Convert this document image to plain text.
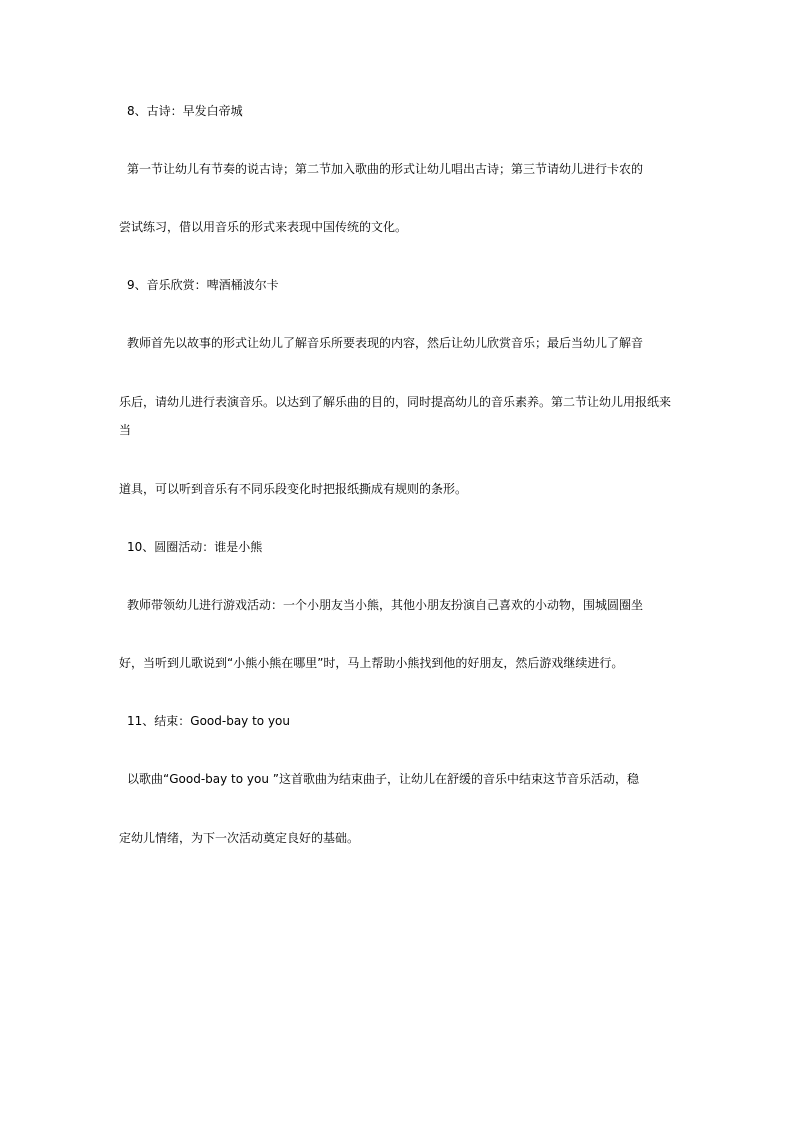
8、古诗：早发白帝城
第一节让幼儿有节奏的说古诗；第二节加入歌曲的形式让幼儿唱出古诗；第三节请幼儿进行卡农的
尝试练习，借以用音乐的形式来表现中国传统的文化。
9、音乐欣赏：啤酒桶波尔卡
教师首先以故事的形式让幼儿了解音乐所要表现的内容，然后让幼儿欣赏音乐；最后当幼儿了解音
乐后，请幼儿进行表演音乐。以达到了解乐曲的目的，同时提高幼儿的音乐素养。第二节让幼儿用报纸来
当
道具，可以听到音乐有不同乐段变化时把报纸撕成有规则的条形。
10、圆圈活动：谁是小熊
教师带领幼儿进行游戏活动：一个小朋友当小熊，其他小朋友扮演自己喜欢的小动物，围城圆圈坐
好，当听到儿歌说到“小熊小熊在哪里”时，马上帮助小熊找到他的好朋友，然后游戏继续进行。
11、结束：Good-bay to you
以歌曲“Good-bay to you ”这首歌曲为结束曲子，让幼儿在舒缓的音乐中结束这节音乐活动，稳
定幼儿情绪，为下一次活动奠定良好的基础。
